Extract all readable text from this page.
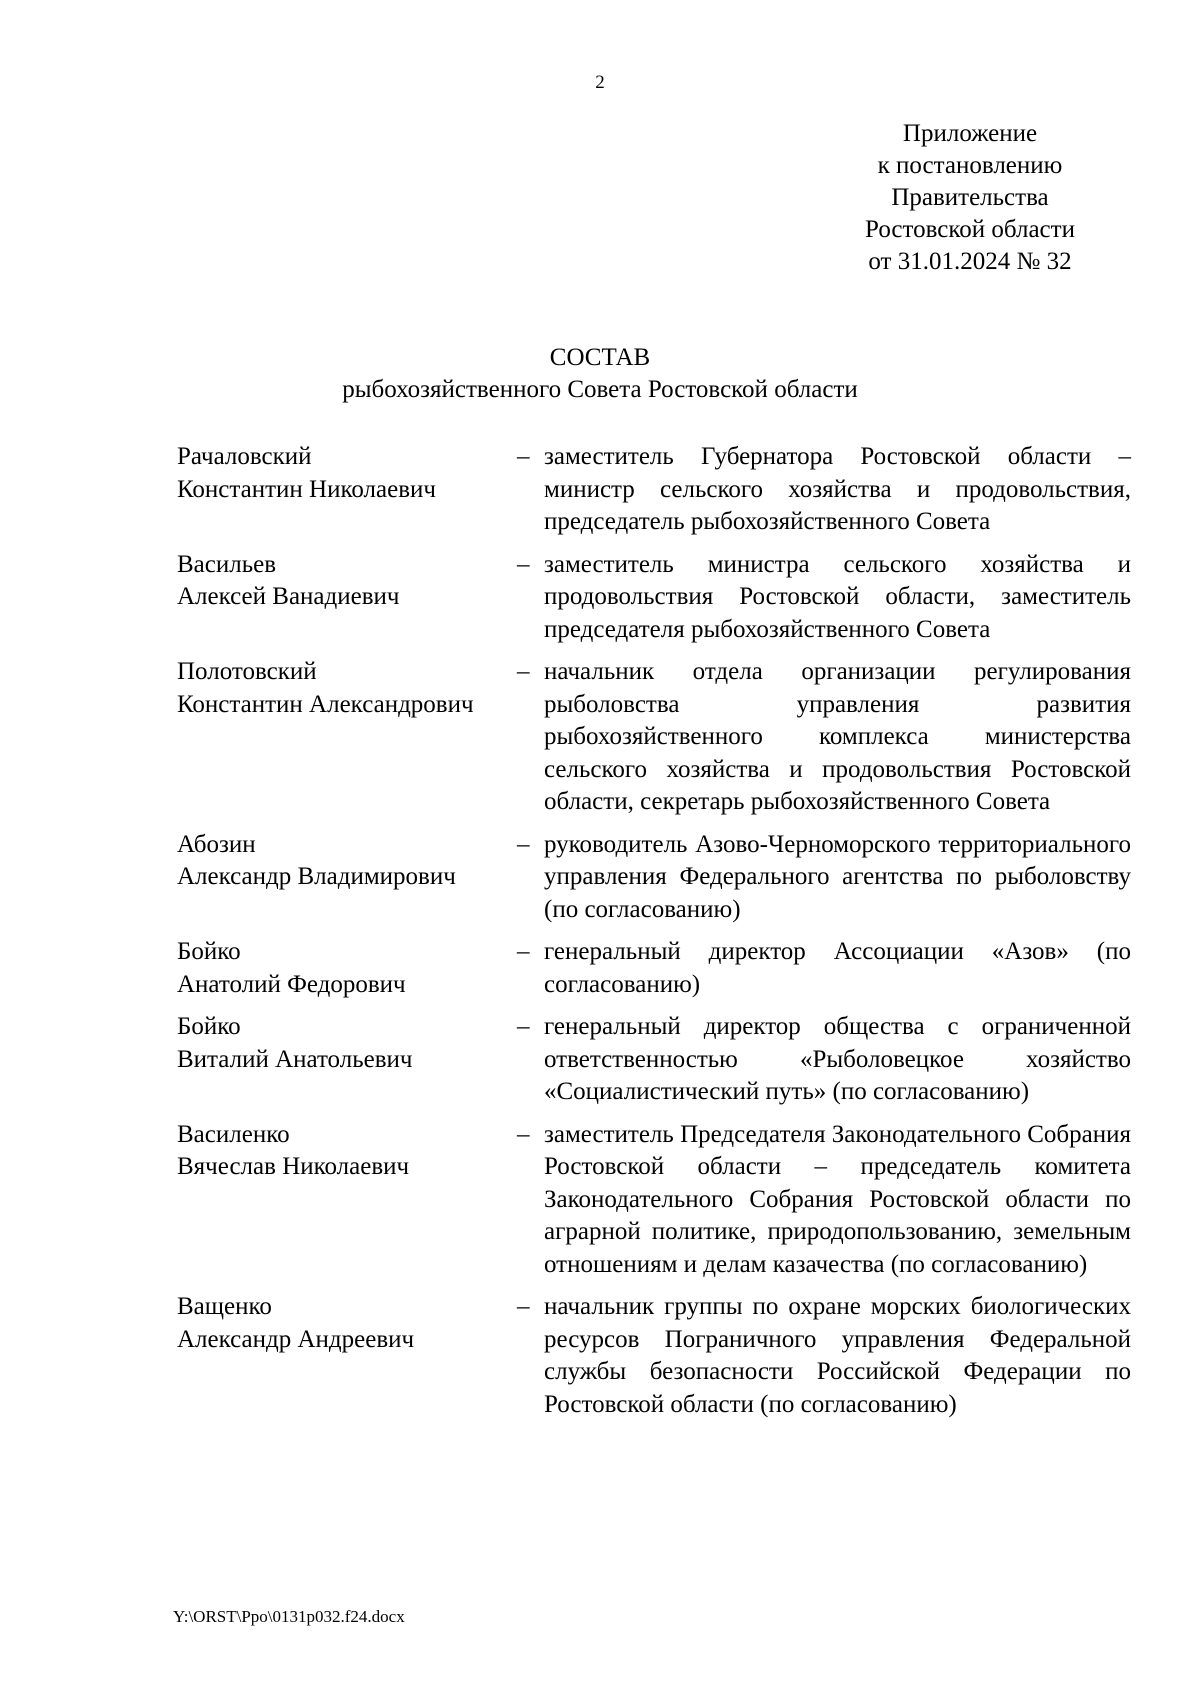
2
Приложение
к постановлению
Правительства
Ростовской области
от 31.01.2024 № 32
СОСТАВ
рыбохозяйственного Совета Ростовской области
Рачаловский
Константин Николаевич
– заместитель Губернатора Ростовской области – министр сельского хозяйства и продовольствия, председатель рыбохозяйственного Совета
Васильев
Алексей Ванадиевич
– заместитель министра сельского хозяйства и продовольствия Ростовской области, заместитель председателя рыбохозяйственного Совета
Полотовский
Константин Александрович
– начальник отдела организации регулирования рыболовства управления развития рыбохозяйственного комплекса министерства сельского хозяйства и продовольствия Ростовской области, секретарь рыбохозяйственного Совета
Абозин
Александр Владимирович
– руководитель Азово-Черноморского территориального управления Федерального агентства по рыболовству (по согласованию)
Бойко
Анатолий Федорович
– генеральный директор Ассоциации «Азов» (по согласованию)
Бойко
Виталий Анатольевич
– генеральный директор общества с ограниченной ответственностью «Рыболовецкое хозяйство «Социалистический путь» (по согласованию)
Василенко
Вячеслав Николаевич
– заместитель Председателя Законодательного Собрания Ростовской области – председатель комитета Законодательного Собрания Ростовской области по аграрной политике, природопользованию, земельным отношениям и делам казачества (по согласованию)
Ващенко
Александр Андреевич
– начальник группы по охране морских биологических ресурсов Пограничного управления Федеральной службы безопасности Российской Федерации по Ростовской области (по согласованию)
Y:\ORST\Ppo\0131p032.f24.docx
